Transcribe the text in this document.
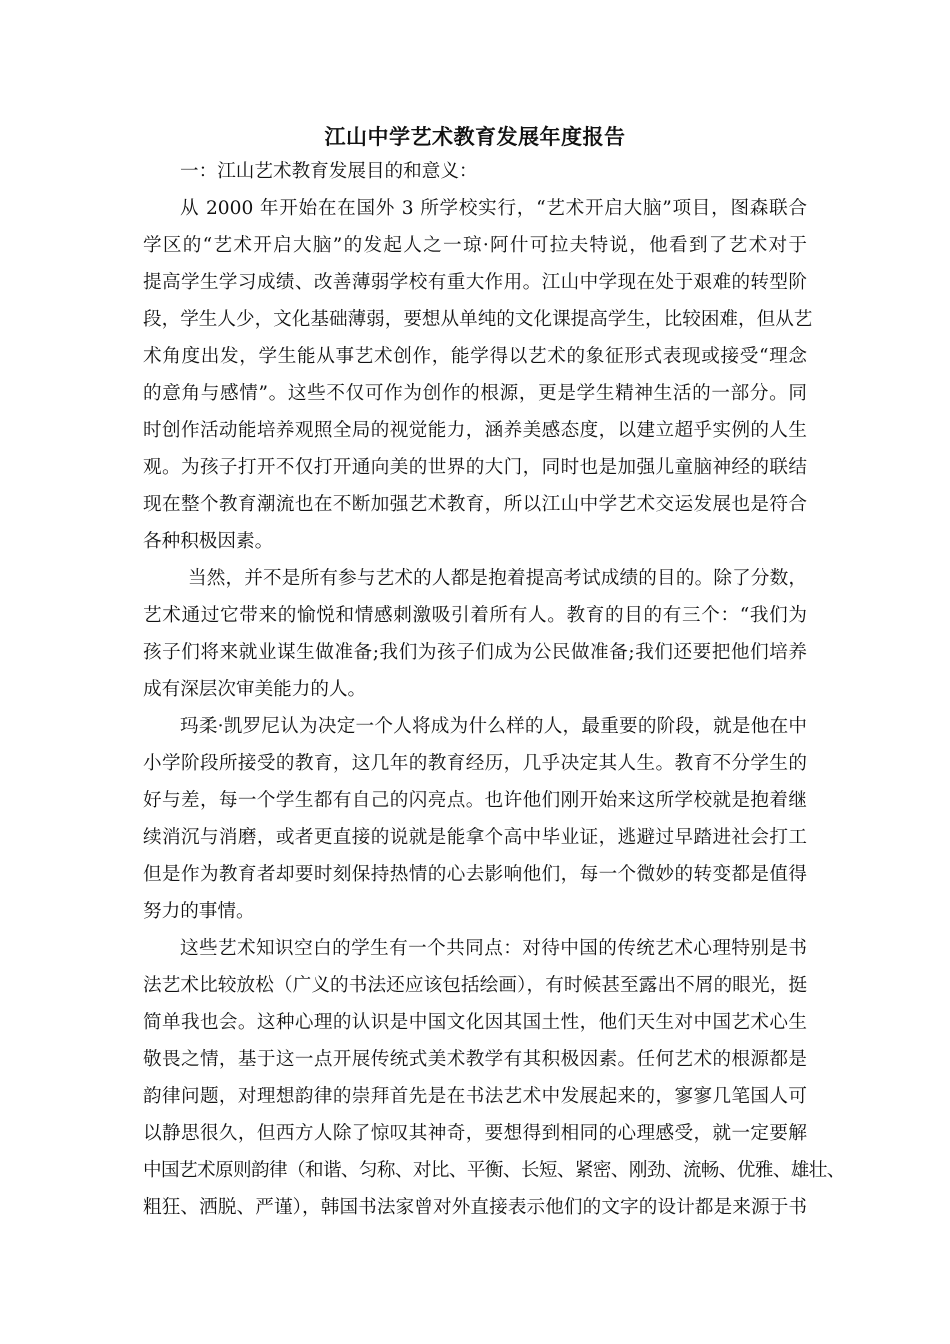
江山中学艺术教育发展年度报告
一：江山艺术教育发展目的和意义：
从 2000 年开始在在国外 3 所学校实行，“艺术开启大脑”项目，图森联合
学区的“艺术开启大脑”的发起人之一琼·阿什可拉夫特说，他看到了艺术对于
提高学生学习成绩、改善薄弱学校有重大作用。江山中学现在处于艰难的转型阶
段，学生人少，文化基础薄弱，要想从单纯的文化课提高学生，比较困难，但从艺
术角度出发，学生能从事艺术创作，能学得以艺术的象征形式表现或接受“理念
的意角与感情”。这些不仅可作为创作的根源，更是学生精神生活的一部分。同
时创作活动能培养观照全局的视觉能力，涵养美感态度，以建立超乎实例的人生
观。为孩子打开不仅打开通向美的世界的大门，同时也是加强儿童脑神经的联结
现在整个教育潮流也在不断加强艺术教育，所以江山中学艺术交运发展也是符合
各种积极因素。
当然，并不是所有参与艺术的人都是抱着提高考试成绩的目的。除了分数，
艺术通过它带来的愉悦和情感刺激吸引着所有人。教育的目的有三个：“我们为
孩子们将来就业谋生做准备;我们为孩子们成为公民做准备;我们还要把他们培养
成有深层次审美能力的人。
玛柔·凯罗尼认为决定一个人将成为什么样的人，最重要的阶段，就是他在中
小学阶段所接受的教育，这几年的教育经历，几乎决定其人生。教育不分学生的
好与差，每一个学生都有自己的闪亮点。也许他们刚开始来这所学校就是抱着继
续消沉与消磨，或者更直接的说就是能拿个高中毕业证，逃避过早踏进社会打工
但是作为教育者却要时刻保持热情的心去影响他们，每一个微妙的转变都是值得
努力的事情。
这些艺术知识空白的学生有一个共同点：对待中国的传统艺术心理特别是书
法艺术比较放松（广义的书法还应该包括绘画），有时候甚至露出不屑的眼光，挺
简单我也会。这种心理的认识是中国文化因其国土性，他们天生对中国艺术心生
敬畏之情，基于这一点开展传统式美术教学有其积极因素。任何艺术的根源都是
韵律问题，对理想韵律的崇拜首先是在书法艺术中发展起来的，寥寥几笔国人可
以静思很久，但西方人除了惊叹其神奇，要想得到相同的心理感受，就一定要解
中国艺术原则韵律（和谐、匀称、对比、平衡、长短、紧密、刚劲、流畅、优雅、雄壮、
粗狂、洒脱、严谨），韩国书法家曾对外直接表示他们的文字的设计都是来源于书
